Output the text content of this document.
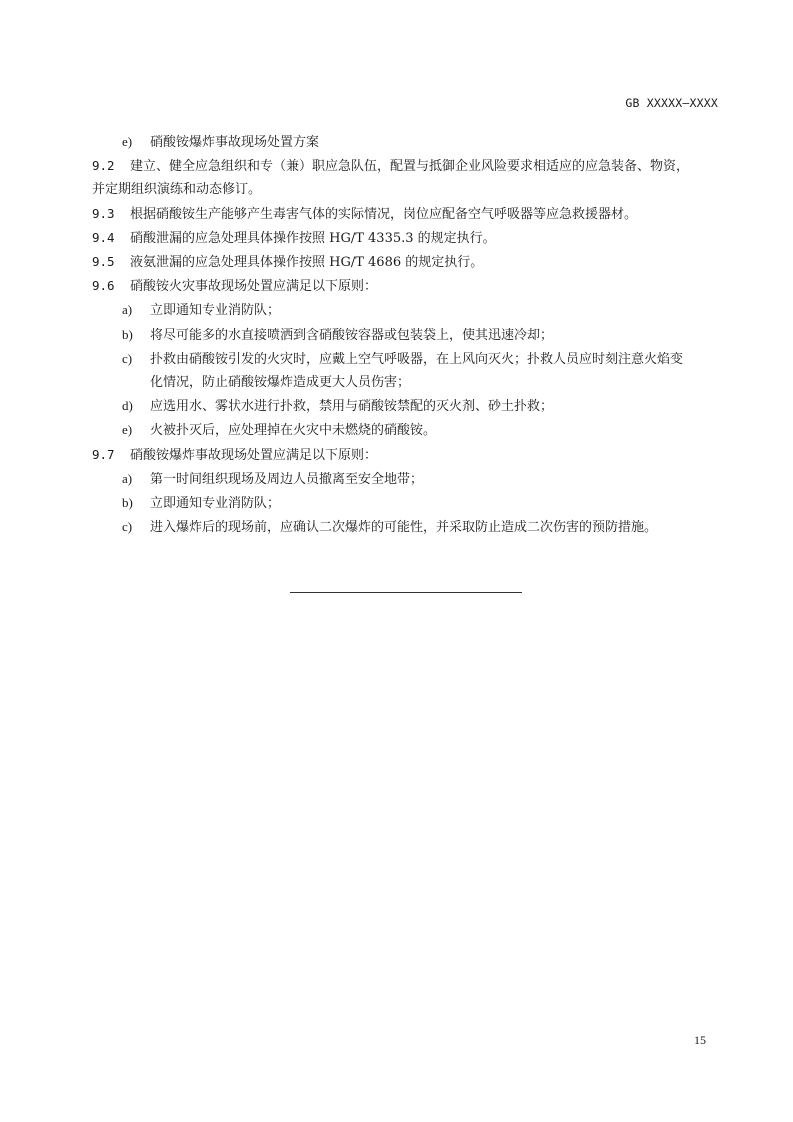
GB XXXXX—XXXX
e) 硝酸铵爆炸事故现场处置方案
9.2 建立、健全应急组织和专（兼）职应急队伍，配置与抵御企业风险要求相适应的应急装备、物资，
并定期组织演练和动态修订。
9.3 根据硝酸铵生产能够产生毒害气体的实际情况，岗位应配备空气呼吸器等应急救援器材。
9.4 硝酸泄漏的应急处理具体操作按照 HG/T 4335.3 的规定执行。
9.5 液氨泄漏的应急处理具体操作按照 HG/T 4686 的规定执行。
9.6 硝酸铵火灾事故现场处置应满足以下原则：
a) 立即通知专业消防队；
b) 将尽可能多的水直接喷洒到含硝酸铵容器或包装袋上，使其迅速冷却；
c) 扑救由硝酸铵引发的火灾时，应戴上空气呼吸器，在上风向灭火；扑救人员应时刻注意火焰变
化情况，防止硝酸铵爆炸造成更大人员伤害；
d) 应选用水、雾状水进行扑救，禁用与硝酸铵禁配的灭火剂、砂土扑救；
e) 火被扑灭后，应处理掉在火灾中未燃烧的硝酸铵。
9.7 硝酸铵爆炸事故现场处置应满足以下原则：
a) 第一时间组织现场及周边人员撤离至安全地带；
b) 立即通知专业消防队；
c) 进入爆炸后的现场前，应确认二次爆炸的可能性，并采取防止造成二次伤害的预防措施。
15
